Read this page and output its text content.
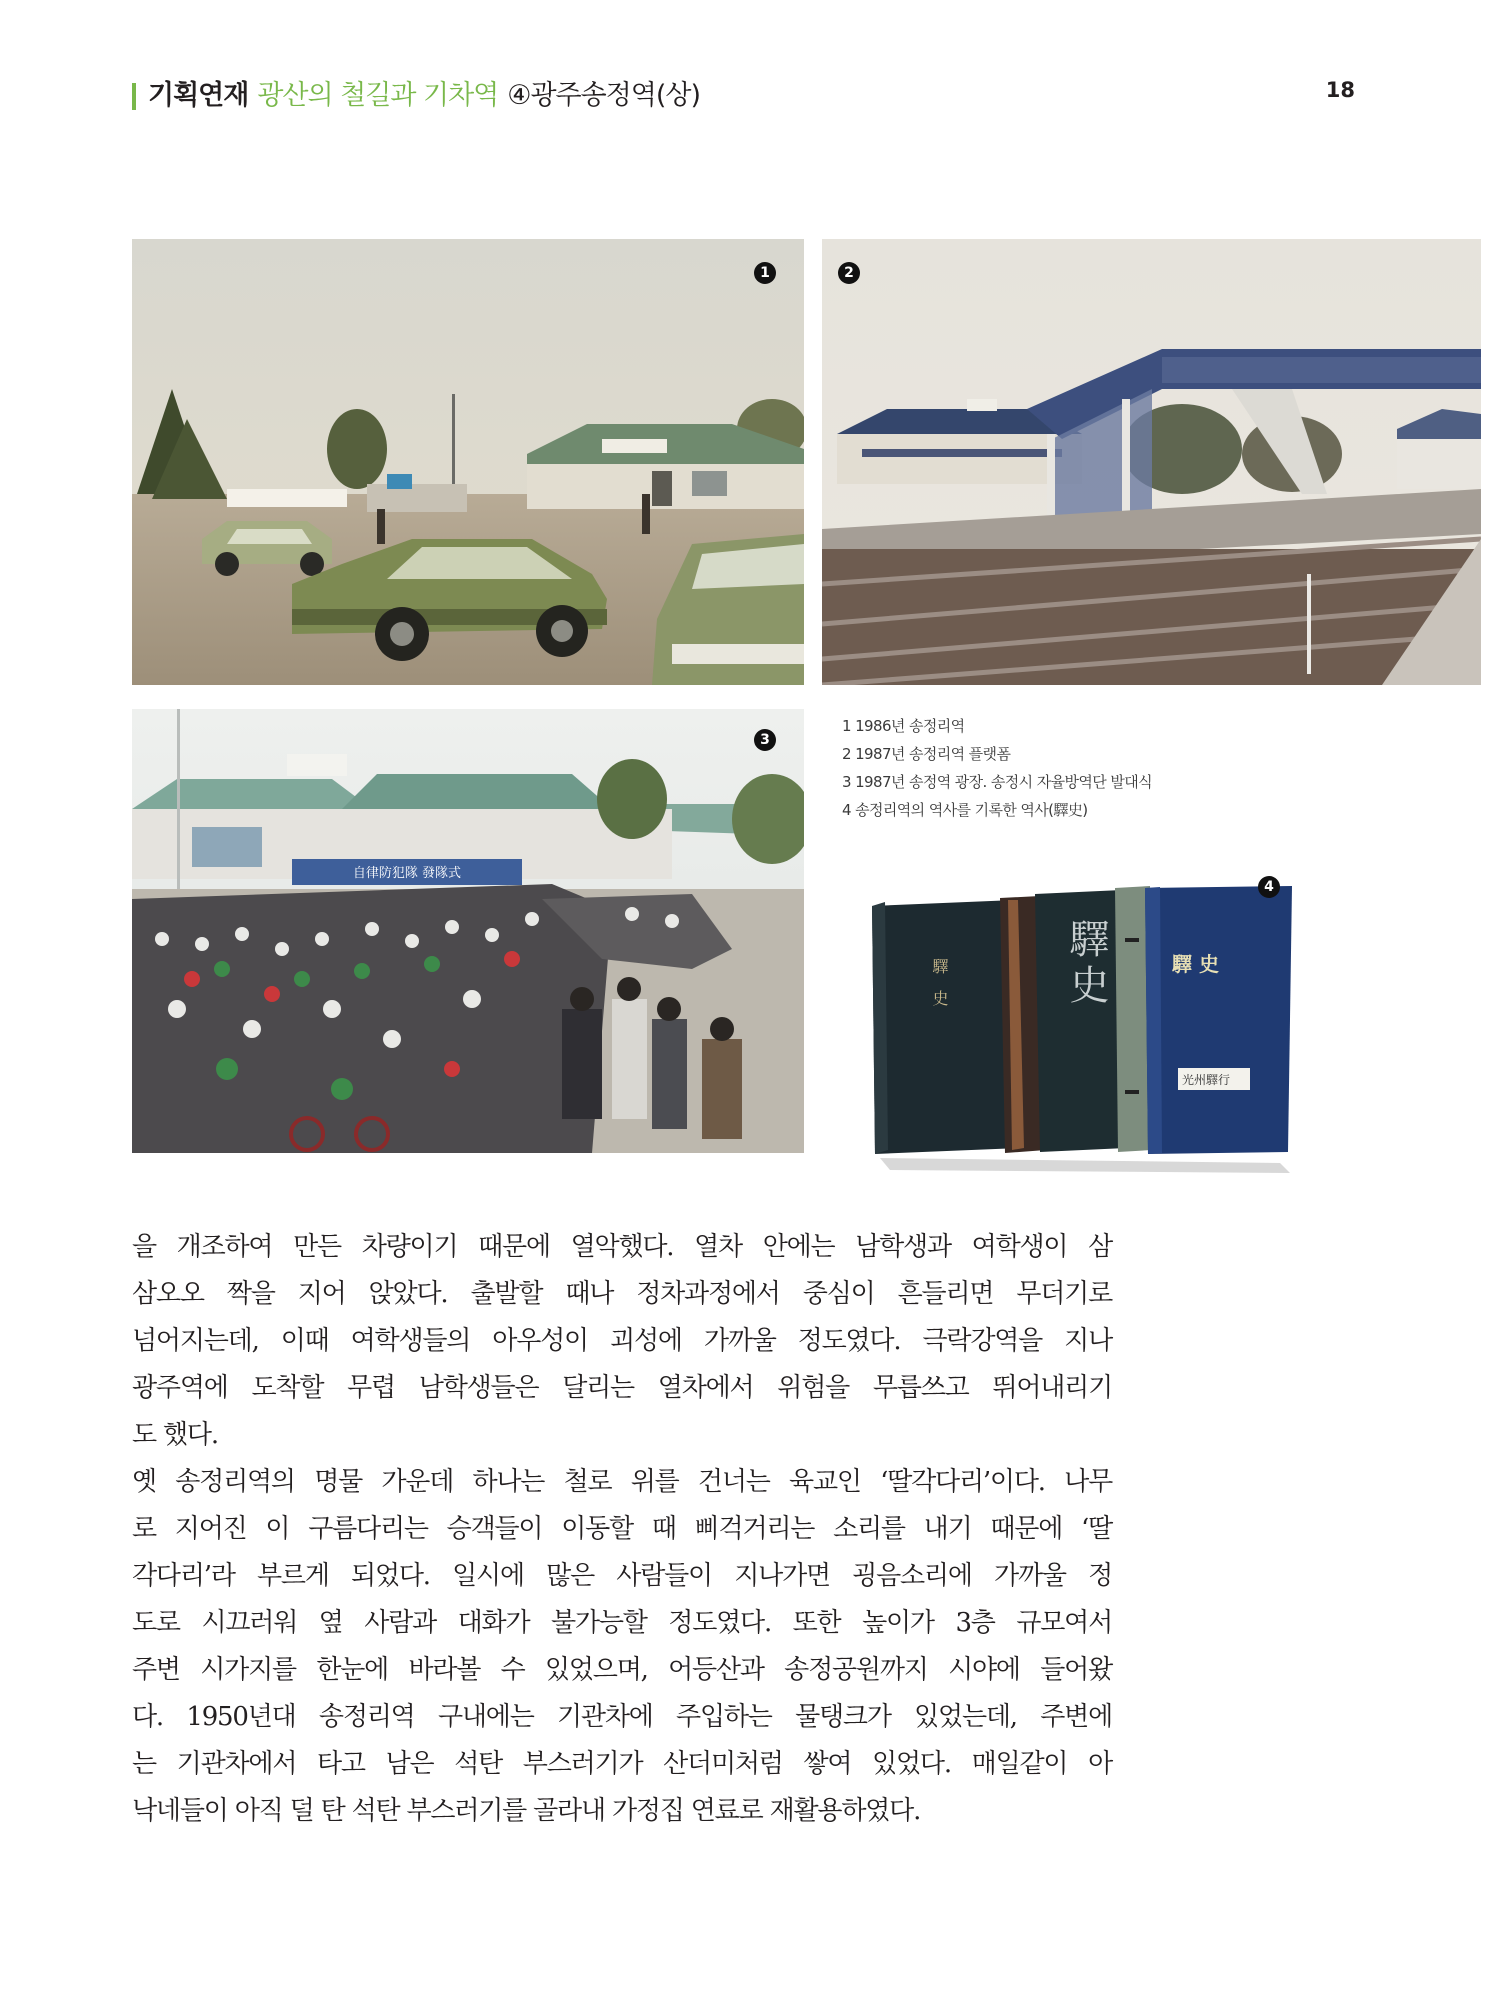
기획연재 광산의 철길과 기차역 ④광주송정역(상)	18
1	2
自律防犯隊 發隊式
3
1 1986년 송정리역
2 1987년 송정리역 플랫폼
3 1987년 송정역 광장. 송정시 자율방역단 발대식
4 송정리역의 역사를 기록한 역사(驛史)
驛史	驛史	驛 史
光州驛行
4
을 개조하여 만든 차량이기 때문에 열악했다. 열차 안에는 남학생과 여학생이 삼
삼오오 짝을 지어 앉았다. 출발할 때나 정차과정에서 중심이 흔들리면 무더기로
넘어지는데, 이때 여학생들의 아우성이 괴성에 가까울 정도였다. 극락강역을 지나
광주역에 도착할 무렵 남학생들은 달리는 열차에서 위험을 무릅쓰고 뛰어내리기
도 했다.
옛 송정리역의 명물 가운데 하나는 철로 위를 건너는 육교인 ‘딸각다리’이다. 나무
로 지어진 이 구름다리는 승객들이 이동할 때 삐걱거리는 소리를 내기 때문에 ‘딸
각다리’라 부르게 되었다. 일시에 많은 사람들이 지나가면 굉음소리에 가까울 정
도로 시끄러워 옆 사람과 대화가 불가능할 정도였다. 또한 높이가 3층 규모여서
주변 시가지를 한눈에 바라볼 수 있었으며, 어등산과 송정공원까지 시야에 들어왔
다. 1950년대 송정리역 구내에는 기관차에 주입하는 물탱크가 있었는데, 주변에
는 기관차에서 타고 남은 석탄 부스러기가 산더미처럼 쌓여 있었다. 매일같이 아
낙네들이 아직 덜 탄 석탄 부스러기를 골라내 가정집 연료로 재활용하였다.
